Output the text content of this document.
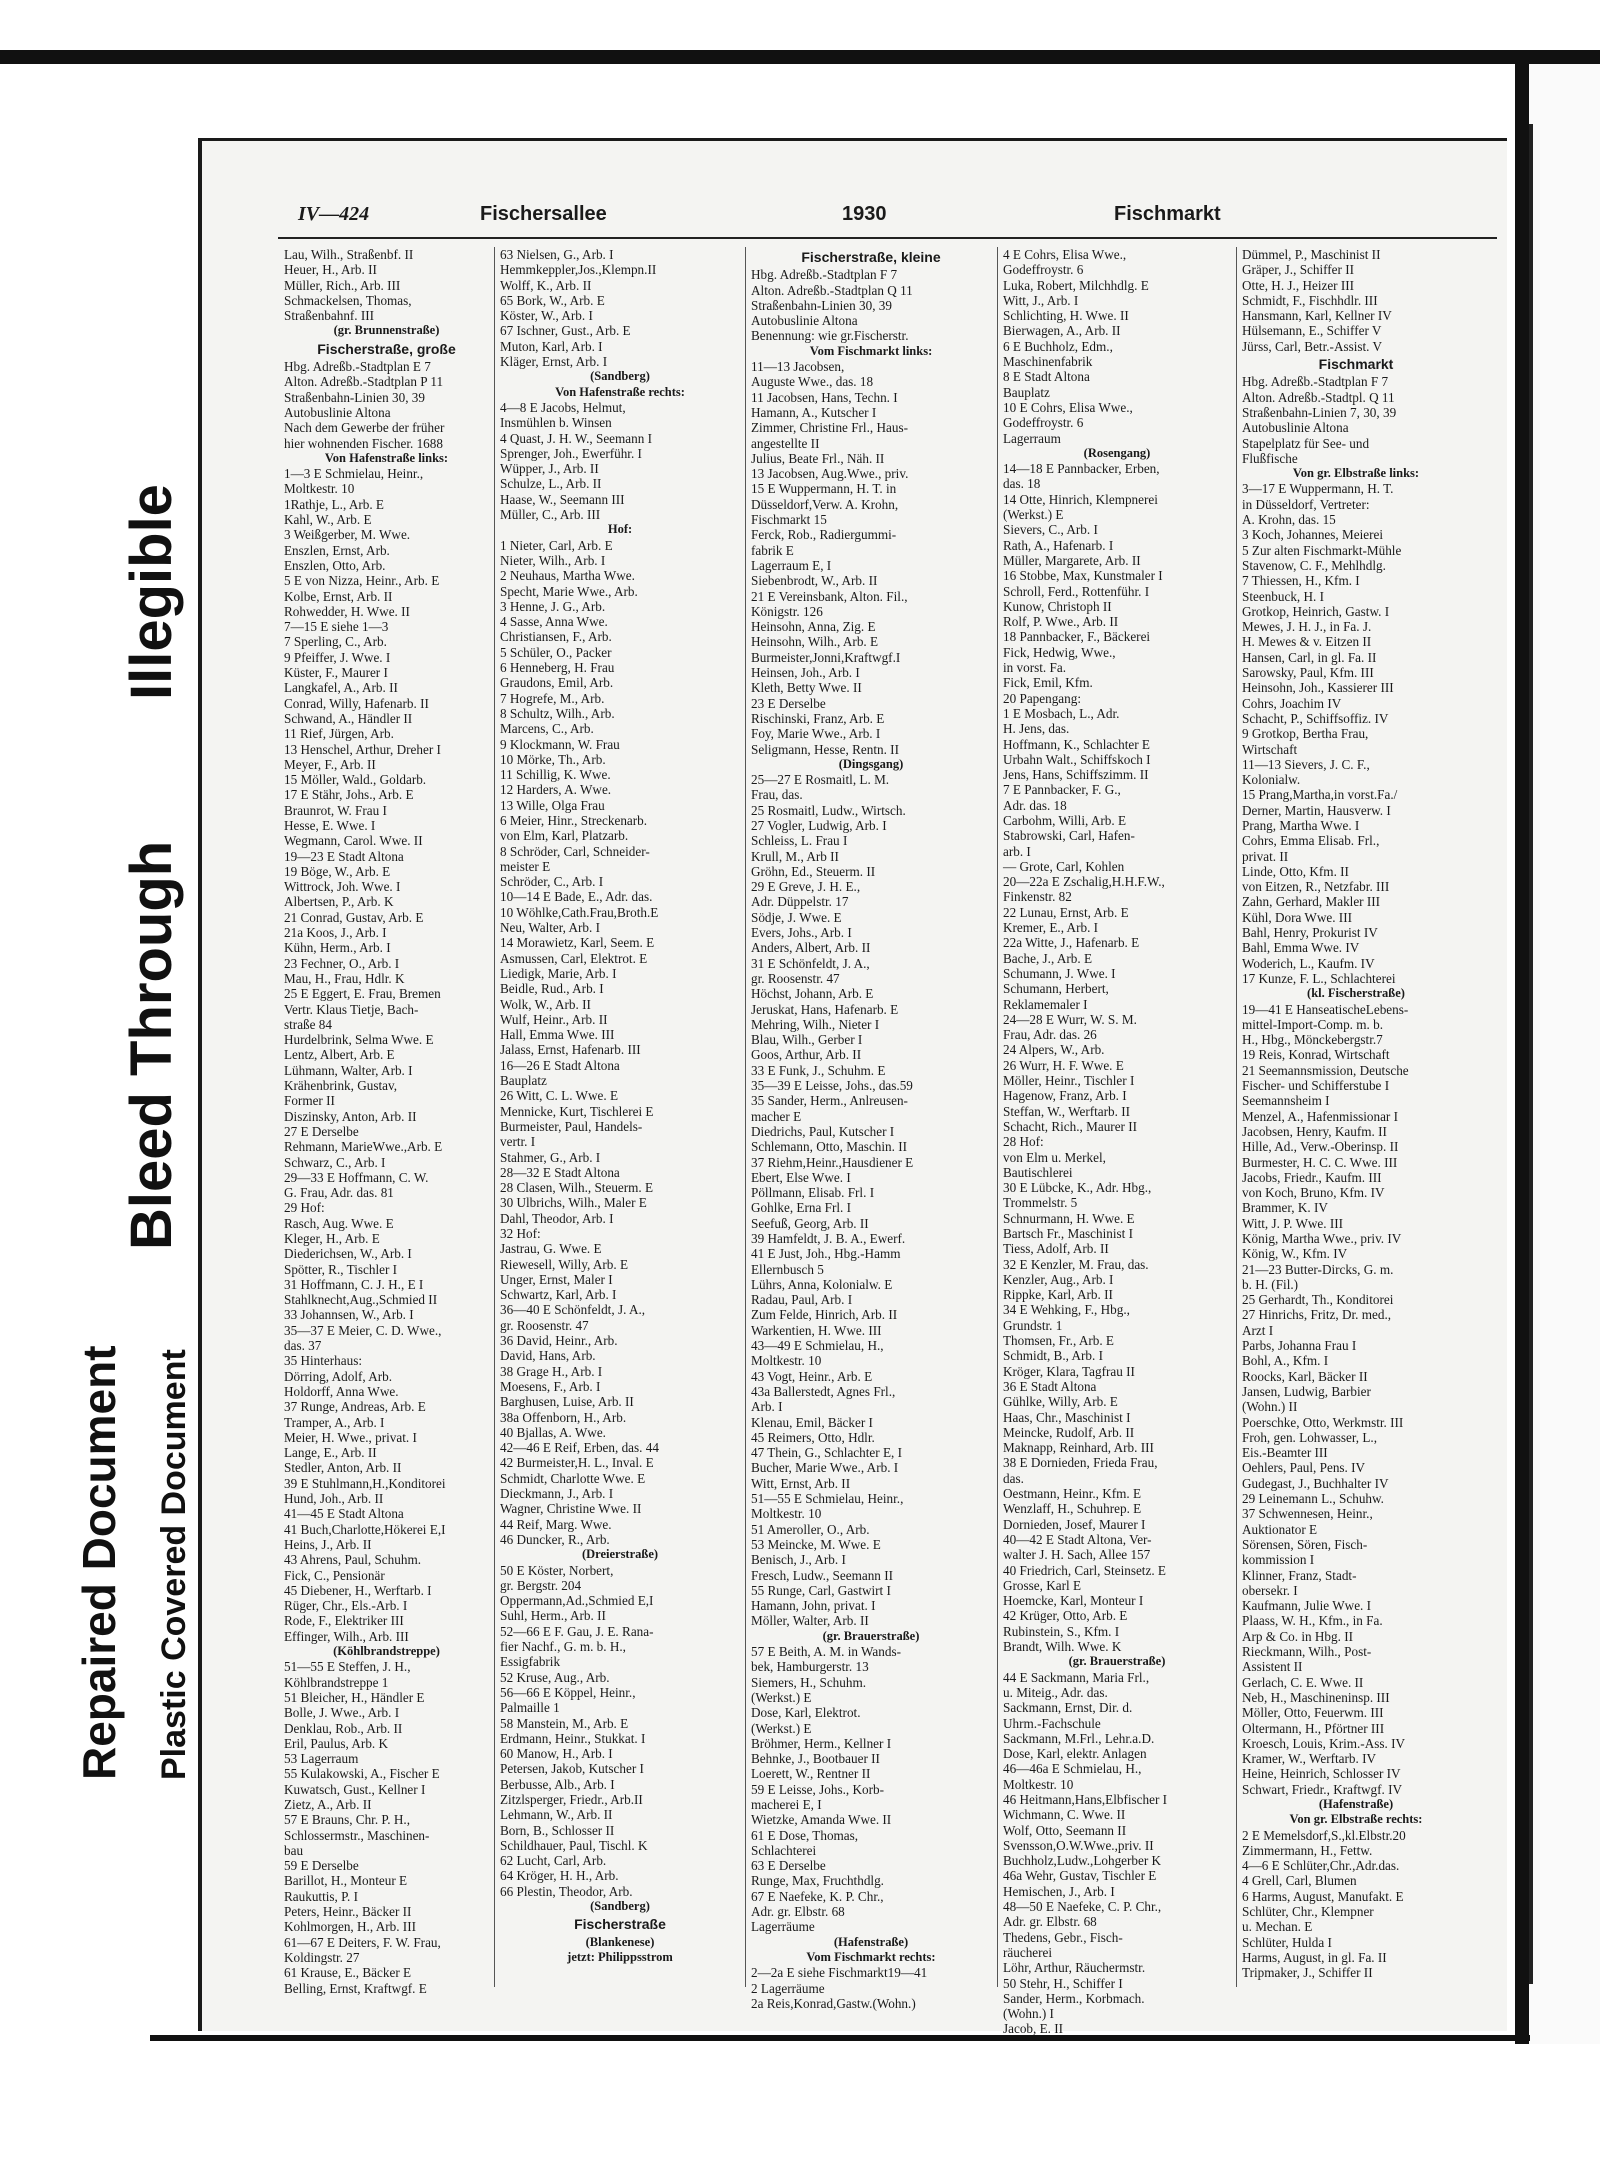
Repaired Document Plastic Covered Document
Bleed Through
Illegible
IV—424	Fischersallee	1930	Fischmarkt
Lau, Wilh., Straßenbf. II
Heuer, H., Arb. II
Müller, Rich., Arb. III
Schmackelsen, Thomas,
Straßenbahnf. III
(gr. Brunnenstraße)
Fischerstraße, große
Hbg. Adreßb.-Stadtplan E 7
Alton. Adreßb.-Stadtplan P 11
Straßenbahn-Linien 30, 39
Autobuslinie Altona
Nach dem Gewerbe der früher
hier wohnenden Fischer. 1688
Von Hafenstraße links:
1—3 E Schmielau, Heinr.,
Moltkestr. 10
1Rathje, L., Arb. E
Kahl, W., Arb. E
3 Weißgerber, M. Wwe.
Enszlen, Ernst, Arb.
Enszlen, Otto, Arb.
5 E von Nizza, Heinr., Arb. E
Kolbe, Ernst, Arb. II
Rohwedder, H. Wwe. II
7—15 E siehe 1—3
7 Sperling, C., Arb.
9 Pfeiffer, J. Wwe. I
Küster, F., Maurer I
Langkafel, A., Arb. II
Conrad, Willy, Hafenarb. II
Schwand, A., Händler II
11 Rief, Jürgen, Arb.
13 Henschel, Arthur, Dreher I
Meyer, F., Arb. II
15 Möller, Wald., Goldarb.
17 E Stähr, Johs., Arb. E
Braunrot, W. Frau I
Hesse, E. Wwe. I
Wegmann, Carol. Wwe. II
19—23 E Stadt Altona
19 Böge, W., Arb. E
Wittrock, Joh. Wwe. I
Albertsen, P., Arb. K
21 Conrad, Gustav, Arb. E
21a Koos, J., Arb. I
Kühn, Herm., Arb. I
23 Fechner, O., Arb. I
Mau, H., Frau, Hdlr. K
25 E Eggert, E. Frau, Bremen
Vertr. Klaus Tietje, Bach-
straße 84
Hurdelbrink, Selma Wwe. E
Lentz, Albert, Arb. E
Lühmann, Walter, Arb. I
Krähenbrink, Gustav,
Former II
Diszinsky, Anton, Arb. II
27 E Derselbe
Rehmann, MarieWwe.,Arb. E
Schwarz, C., Arb. I
29—33 E Hoffmann, C. W.
G. Frau, Adr. das. 81
29 Hof:
Rasch, Aug. Wwe. E
Kleger, H., Arb. E
Diederichsen, W., Arb. I
Spötter, R., Tischler I
31 Hoffmann, C. J. H., E I
Stahlknecht,Aug.,Schmied II
33 Johannsen, W., Arb. I
35—37 E Meier, C. D. Wwe.,
das. 37
35 Hinterhaus:
Dörring, Adolf, Arb.
Holdorff, Anna Wwe.
37 Runge, Andreas, Arb. E
Tramper, A., Arb. I
Meier, H. Wwe., privat. I
Lange, E., Arb. II
Stedler, Anton, Arb. II
39 E Stuhlmann,H.,Konditorei
Hund, Joh., Arb. II
41—45 E Stadt Altona
41 Buch,Charlotte,Hökerei E,I
Heins, J., Arb. II
43 Ahrens, Paul, Schuhm.
Fick, C., Pensionär
45 Diebener, H., Werftarb. I
Rüger, Chr., Els.-Arb. I
Rode, F., Elektriker III
Effinger, Wilh., Arb. III
(Köhlbrandstreppe)
51—55 E Steffen, J. H.,
Köhlbrandstreppe 1
51 Bleicher, H., Händler E
Bolle, J. Wwe., Arb. I
Denklau, Rob., Arb. II
Eril, Paulus, Arb. K
53 Lagerraum
55 Kulakowski, A., Fischer E
Kuwatsch, Gust., Kellner I
Zietz, A., Arb. II
57 E Brauns, Chr. P. H.,
Schlossermstr., Maschinen-
bau
59 E Derselbe
Barillot, H., Monteur E
Raukuttis, P. I
Peters, Heinr., Bäcker II
Kohlmorgen, H., Arb. III
61—67 E Deiters, F. W. Frau,
Koldingstr. 27
61 Krause, E., Bäcker E
Belling, Ernst, Kraftwgf. E
63 Nielsen, G., Arb. I
Hemmkeppler,Jos.,Klempn.II
Wolff, K., Arb. II
65 Bork, W., Arb. E
Köster, W., Arb. I
67 Ischner, Gust., Arb. E
Muton, Karl, Arb. I
Kläger, Ernst, Arb. I
(Sandberg)
Von Hafenstraße rechts:
4—8 E Jacobs, Helmut,
Insmühlen b. Winsen
4 Quast, J. H. W., Seemann I
Sprenger, Joh., Ewerführ. I
Wüpper, J., Arb. II
Schulze, L., Arb. II
Haase, W., Seemann III
Müller, C., Arb. III
Hof:
1 Nieter, Carl, Arb. E
Nieter, Wilh., Arb. I
2 Neuhaus, Martha Wwe.
Specht, Marie Wwe., Arb.
3 Henne, J. G., Arb.
4 Sasse, Anna Wwe.
Christiansen, F., Arb.
5 Schüler, O., Packer
6 Henneberg, H. Frau
Graudons, Emil, Arb.
7 Hogrefe, M., Arb.
8 Schultz, Wilh., Arb.
Marcens, C., Arb.
9 Klockmann, W. Frau
10 Mörke, Th., Arb.
11 Schillig, K. Wwe.
12 Harders, A. Wwe.
13 Wille, Olga Frau
6 Meier, Hinr., Streckenarb.
von Elm, Karl, Platzarb.
8 Schröder, Carl, Schneider-
meister E
Schröder, C., Arb. I
10—14 E Bade, E., Adr. das.
10 Wöhlke,Cath.Frau,Broth.E
Neu, Walter, Arb. I
14 Morawietz, Karl, Seem. E
Asmussen, Carl, Elektrot. E
Liedigk, Marie, Arb. I
Beidle, Rud., Arb. I
Wolk, W., Arb. II
Wulf, Heinr., Arb. II
Hall, Emma Wwe. III
Jalass, Ernst, Hafenarb. III
16—26 E Stadt Altona
Bauplatz
26 Witt, C. L. Wwe. E
Mennicke, Kurt, Tischlerei E
Burmeister, Paul, Handels-
vertr. I
Stahmer, G., Arb. I
28—32 E Stadt Altona
28 Clasen, Wilh., Steuerm. E
30 Ulbrichs, Wilh., Maler E
Dahl, Theodor, Arb. I
32 Hof:
Jastrau, G. Wwe. E
Riewesell, Willy, Arb. E
Unger, Ernst, Maler I
Schwartz, Karl, Arb. I
36—40 E Schönfeldt, J. A.,
gr. Roosenstr. 47
36 David, Heinr., Arb.
David, Hans, Arb.
38 Grage H., Arb. I
Moesens, F., Arb. I
Barghusen, Luise, Arb. II
38a Offenborn, H., Arb.
40 Bjallas, A. Wwe.
42—46 E Reif, Erben, das. 44
42 Burmeister,H. L., Inval. E
Schmidt, Charlotte Wwe. E
Dieckmann, J., Arb. I
Wagner, Christine Wwe. II
44 Reif, Marg. Wwe.
46 Duncker, R., Arb.
(Dreierstraße)
50 E Köster, Norbert,
gr. Bergstr. 204
Oppermann,Ad.,Schmied E,I
Suhl, Herm., Arb. II
52—66 E F. Gau, J. E. Rana-
fier Nachf., G. m. b. H.,
Essigfabrik
52 Kruse, Aug., Arb.
56—66 E Köppel, Heinr.,
Palmaille 1
58 Manstein, M., Arb. E
Erdmann, Heinr., Stukkat. I
60 Manow, H., Arb. I
Petersen, Jakob, Kutscher I
Berbusse, Alb., Arb. I
Zitzlsperger, Friedr., Arb.II
Lehmann, W., Arb. II
Born, B., Schlosser II
Schildhauer, Paul, Tischl. K
62 Lucht, Carl, Arb.
64 Kröger, H. H., Arb.
66 Plestin, Theodor, Arb.
(Sandberg)
Fischerstraße
(Blankenese)
jetzt: Philippsstrom
Fischerstraße, kleine
Hbg. Adreßb.-Stadtplan F 7
Alton. Adreßb.-Stadtplan Q 11
Straßenbahn-Linien 30, 39
Autobuslinie Altona
Benennung: wie gr.Fischerstr.
Vom Fischmarkt links:
11—13 Jacobsen,
Auguste Wwe., das. 18
11 Jacobsen, Hans, Techn. I
Hamann, A., Kutscher I
Zimmer, Christine Frl., Haus-
angestellte II
Julius, Beate Frl., Näh. II
13 Jacobsen, Aug.Wwe., priv.
15 E Wuppermann, H. T. in
Düsseldorf,Verw. A. Krohn,
Fischmarkt 15
Ferck, Rob., Radiergummi-
fabrik E
Lagerraum E, I
Siebenbrodt, W., Arb. II
21 E Vereinsbank, Alton. Fil.,
Königstr. 126
Heinsohn, Anna, Zig. E
Heinsohn, Wilh., Arb. E
Burmeister,Jonni,Kraftwgf.I
Heinsen, Joh., Arb. I
Kleth, Betty Wwe. II
23 E Derselbe
Rischinski, Franz, Arb. E
Foy, Marie Wwe., Arb. I
Seligmann, Hesse, Rentn. II
(Dingsgang)
25—27 E Rosmaitl, L. M.
Frau, das.
25 Rosmaitl, Ludw., Wirtsch.
27 Vogler, Ludwig, Arb. I
Schleiss, L. Frau I
Krull, M., Arb II
Gröhn, Ed., Steuerm. II
29 E Greve, J. H. E.,
Adr. Düppelstr. 17
Södje, J. Wwe. E
Evers, Johs., Arb. I
Anders, Albert, Arb. II
31 E Schönfeldt, J. A.,
gr. Roosenstr. 47
Höchst, Johann, Arb. E
Jeruskat, Hans, Hafenarb. E
Mehring, Wilh., Nieter I
Blau, Wilh., Gerber I
Goos, Arthur, Arb. II
33 E Funk, J., Schuhm. E
35—39 E Leisse, Johs., das.59
35 Sander, Herm., Anlreusen-
macher E
Diedrichs, Paul, Kutscher I
Schlemann, Otto, Maschin. II
37 Riehm,Heinr.,Hausdiener E
Ebert, Else Wwe. I
Pöllmann, Elisab. Frl. I
Gohlke, Erna Frl. I
Seefuß, Georg, Arb. II
39 Hamfeldt, J. B. A., Ewerf.
41 E Just, Joh., Hbg.-Hamm
Ellernbusch 5
Lührs, Anna, Kolonialw. E
Radau, Paul, Arb. I
Zum Felde, Hinrich, Arb. II
Warkentien, H. Wwe. III
43—49 E Schmielau, H.,
Moltkestr. 10
43 Vogt, Heinr., Arb. E
43a Ballerstedt, Agnes Frl.,
Arb. I
Klenau, Emil, Bäcker I
45 Reimers, Otto, Hdlr.
47 Thein, G., Schlachter E, I
Bucher, Marie Wwe., Arb. I
Witt, Ernst, Arb. II
51—55 E Schmielau, Heinr.,
Moltkestr. 10
51 Ameroller, O., Arb.
53 Meincke, M. Wwe. E
Benisch, J., Arb. I
Fresch, Ludw., Seemann II
55 Runge, Carl, Gastwirt I
Hamann, John, privat. I
Möller, Walter, Arb. II
(gr. Brauerstraße)
57 E Beith, A. M. in Wands-
bek, Hamburgerstr. 13
Siemers, H., Schuhm.
(Werkst.) E
Dose, Karl, Elektrot.
(Werkst.) E
Bröhmer, Herm., Kellner I
Behnke, J., Bootbauer II
Loerett, W., Rentner II
59 E Leisse, Johs., Korb-
macherei E, I
Wietzke, Amanda Wwe. II
61 E Dose, Thomas,
Schlachterei
63 E Derselbe
Runge, Max, Fruchthdlg.
67 E Naefeke, K. P. Chr.,
Adr. gr. Elbstr. 68
Lagerräume
(Hafenstraße)
Vom Fischmarkt rechts:
2—2a E siehe Fischmarkt19—41
2 Lagerräume
2a Reis,Konrad,Gastw.(Wohn.)
4 E Cohrs, Elisa Wwe.,
Godeffroystr. 6
Luka, Robert, Milchhdlg. E
Witt, J., Arb. I
Schlichting, H. Wwe. II
Bierwagen, A., Arb. II
6 E Buchholz, Edm.,
Maschinenfabrik
8 E Stadt Altona
Bauplatz
10 E Cohrs, Elisa Wwe.,
Godeffroystr. 6
Lagerraum
(Rosengang)
14—18 E Pannbacker, Erben,
das. 18
14 Otte, Hinrich, Klempnerei
(Werkst.) E
Sievers, C., Arb. I
Rath, A., Hafenarb. I
Müller, Margarete, Arb. II
16 Stobbe, Max, Kunstmaler I
Schroll, Ferd., Rottenführ. I
Kunow, Christoph II
Rolf, P. Wwe., Arb. II
18 Pannbacker, F., Bäckerei
Fick, Hedwig, Wwe.,
in vorst. Fa.
Fick, Emil, Kfm.
20 Papengang:
1 E Mosbach, L., Adr.
H. Jens, das.
Hoffmann, K., Schlachter E
Urbahn Walt., Schiffskoch I
Jens, Hans, Schiffszimm. II
7 E Pannbacker, F. G.,
Adr. das. 18
Carbohm, Willi, Arb. E
Stabrowski, Carl, Hafen-
arb. I
— Grote, Carl, Kohlen
20—22a E Zschalig,H.H.F.W.,
Finkenstr. 82
22 Lunau, Ernst, Arb. E
Kremer, E., Arb. I
22a Witte, J., Hafenarb. E
Bache, J., Arb. E
Schumann, J. Wwe. I
Schumann, Herbert,
Reklamemaler I
24—28 E Wurr, W. S. M.
Frau, Adr. das. 26
24 Alpers, W., Arb.
26 Wurr, H. F. Wwe. E
Möller, Heinr., Tischler I
Hagenow, Franz, Arb. I
Steffan, W., Werftarb. II
Schacht, Rich., Maurer II
28 Hof:
von Elm u. Merkel,
Bautischlerei
30 E Lübcke, K., Adr. Hbg.,
Trommelstr. 5
Schnurmann, H. Wwe. E
Bartsch Fr., Maschinist I
Tiess, Adolf, Arb. II
32 E Kenzler, M. Frau, das.
Kenzler, Aug., Arb. I
Rippke, Karl, Arb. II
34 E Wehking, F., Hbg.,
Grundstr. 1
Thomsen, Fr., Arb. E
Schmidt, B., Arb. I
Kröger, Klara, Tagfrau II
36 E Stadt Altona
Gühlke, Willy, Arb. E
Haas, Chr., Maschinist I
Meincke, Rudolf, Arb. II
Maknapp, Reinhard, Arb. III
38 E Dornieden, Frieda Frau,
das.
Oestmann, Heinr., Kfm. E
Wenzlaff, H., Schuhrep. E
Dornieden, Josef, Maurer I
40—42 E Stadt Altona, Ver-
walter J. H. Sach, Allee 157
40 Friedrich, Carl, Steinsetz. E
Grosse, Karl E
Hoemcke, Karl, Monteur I
42 Krüger, Otto, Arb. E
Rubinstein, S., Kfm. I
Brandt, Wilh. Wwe. K
(gr. Brauerstraße)
44 E Sackmann, Maria Frl.,
u. Miteig., Adr. das.
Sackmann, Ernst, Dir. d.
Uhrm.-Fachschule
Sackmann, M.Frl., Lehr.a.D.
Dose, Karl, elektr. Anlagen
46—46a E Schmielau, H.,
Moltkestr. 10
46 Heitmann,Hans,Elbfischer I
Wichmann, C. Wwe. II
Wolf, Otto, Seemann II
Svensson,O.W.Wwe.,priv. II
Buchholz,Ludw.,Lohgerber K
46a Wehr, Gustav, Tischler E
Hemischen, J., Arb. I
48—50 E Naefeke, C. P. Chr.,
Adr. gr. Elbstr. 68
Thedens, Gebr., Fisch-
räucherei
Löhr, Arthur, Räuchermstr.
50 Stehr, H., Schiffer I
Sander, Herm., Korbmach.
(Wohn.) I
Jacob, E. II
Dümmel, P., Maschinist II
Gräper, J., Schiffer II
Otte, H. J., Heizer III
Schmidt, F., Fischhdlr. III
Hansmann, Karl, Kellner IV
Hülsemann, E., Schiffer V
Jürss, Carl, Betr.-Assist. V
Fischmarkt
Hbg. Adreßb.-Stadtplan F 7
Alton. Adreßb.-Stadtpl. Q 11
Straßenbahn-Linien 7, 30, 39
Autobuslinie Altona
Stapelplatz für See- und
Flußfische
Von gr. Elbstraße links:
3—17 E Wuppermann, H. T.
in Düsseldorf, Vertreter:
A. Krohn, das. 15
3 Koch, Johannes, Meierei
5 Zur alten Fischmarkt-Mühle
Stavenow, C. F., Mehlhdlg.
7 Thiessen, H., Kfm. I
Steenbuck, H. I
Grotkop, Heinrich, Gastw. I
Mewes, J. H. J., in Fa. J.
H. Mewes & v. Eitzen II
Hansen, Carl, in gl. Fa. II
Sarowsky, Paul, Kfm. III
Heinsohn, Joh., Kassierer III
Cohrs, Joachim IV
Schacht, P., Schiffsoffiz. IV
9 Grotkop, Bertha Frau,
Wirtschaft
11—13 Sievers, J. C. F.,
Kolonialw.
15 Prang,Martha,in vorst.Fa./
Derner, Martin, Hausverw. I
Prang, Martha Wwe. I
Cohrs, Emma Elisab. Frl.,
privat. II
Linde, Otto, Kfm. II
von Eitzen, R., Netzfabr. III
Zahn, Gerhard, Makler III
Kühl, Dora Wwe. III
Bahl, Henry, Prokurist IV
Bahl, Emma Wwe. IV
Woderich, L., Kaufm. IV
17 Kunze, F. L., Schlachterei
(kl. Fischerstraße)
19—41 E HanseatischeLebens-
mittel-Import-Comp. m. b.
H., Hbg., Mönckebergstr.7
19 Reis, Konrad, Wirtschaft
21 Seemannsmission, Deutsche
Fischer- und Schifferstube I
Seemannsheim I
Menzel, A., Hafenmissionar I
Jacobsen, Henry, Kaufm. II
Hille, Ad., Verw.-Oberinsp. II
Burmester, H. C. C. Wwe. III
Jacobs, Friedr., Kaufm. III
von Koch, Bruno, Kfm. IV
Brammer, K. IV
Witt, J. P. Wwe. III
König, Martha Wwe., priv. IV
König, W., Kfm. IV
21—23 Butter-Dircks, G. m.
b. H. (Fil.)
25 Gerhardt, Th., Konditorei
27 Hinrichs, Fritz, Dr. med.,
Arzt I
Parbs, Johanna Frau I
Bohl, A., Kfm. I
Roocks, Karl, Bäcker II
Jansen, Ludwig, Barbier
(Wohn.) II
Poerschke, Otto, Werkmstr. III
Froh, gen. Lohwasser, L.,
Eis.-Beamter III
Oehlers, Paul, Pens. IV
Gudegast, J., Buchhalter IV
29 Leinemann L., Schuhw.
37 Schwennesen, Heinr.,
Auktionator E
Sörensen, Sören, Fisch-
kommission I
Klinner, Franz, Stadt-
obersekr. I
Kaufmann, Julie Wwe. I
Plaass, W. H., Kfm., in Fa.
Arp & Co. in Hbg. II
Rieckmann, Wilh., Post-
Assistent II
Gerlach, C. E. Wwe. II
Neb, H., Maschineninsp. III
Möller, Otto, Feuerwm. III
Oltermann, H., Pförtner III
Kroesch, Louis, Krim.-Ass. IV
Kramer, W., Werftarb. IV
Heine, Heinrich, Schlosser IV
Schwart, Friedr., Kraftwgf. IV
(Hafenstraße)
Von gr. Elbstraße rechts:
2 E Memelsdorf,S.,kl.Elbstr.20
Zimmermann, H., Fettw.
4—6 E Schlüter,Chr.,Adr.das.
4 Grell, Carl, Blumen
6 Harms, August, Manufakt. E
Schlüter, Chr., Klempner
u. Mechan. E
Schlüter, Hulda I
Harms, August, in gl. Fa. II
Tripmaker, J., Schiffer II
